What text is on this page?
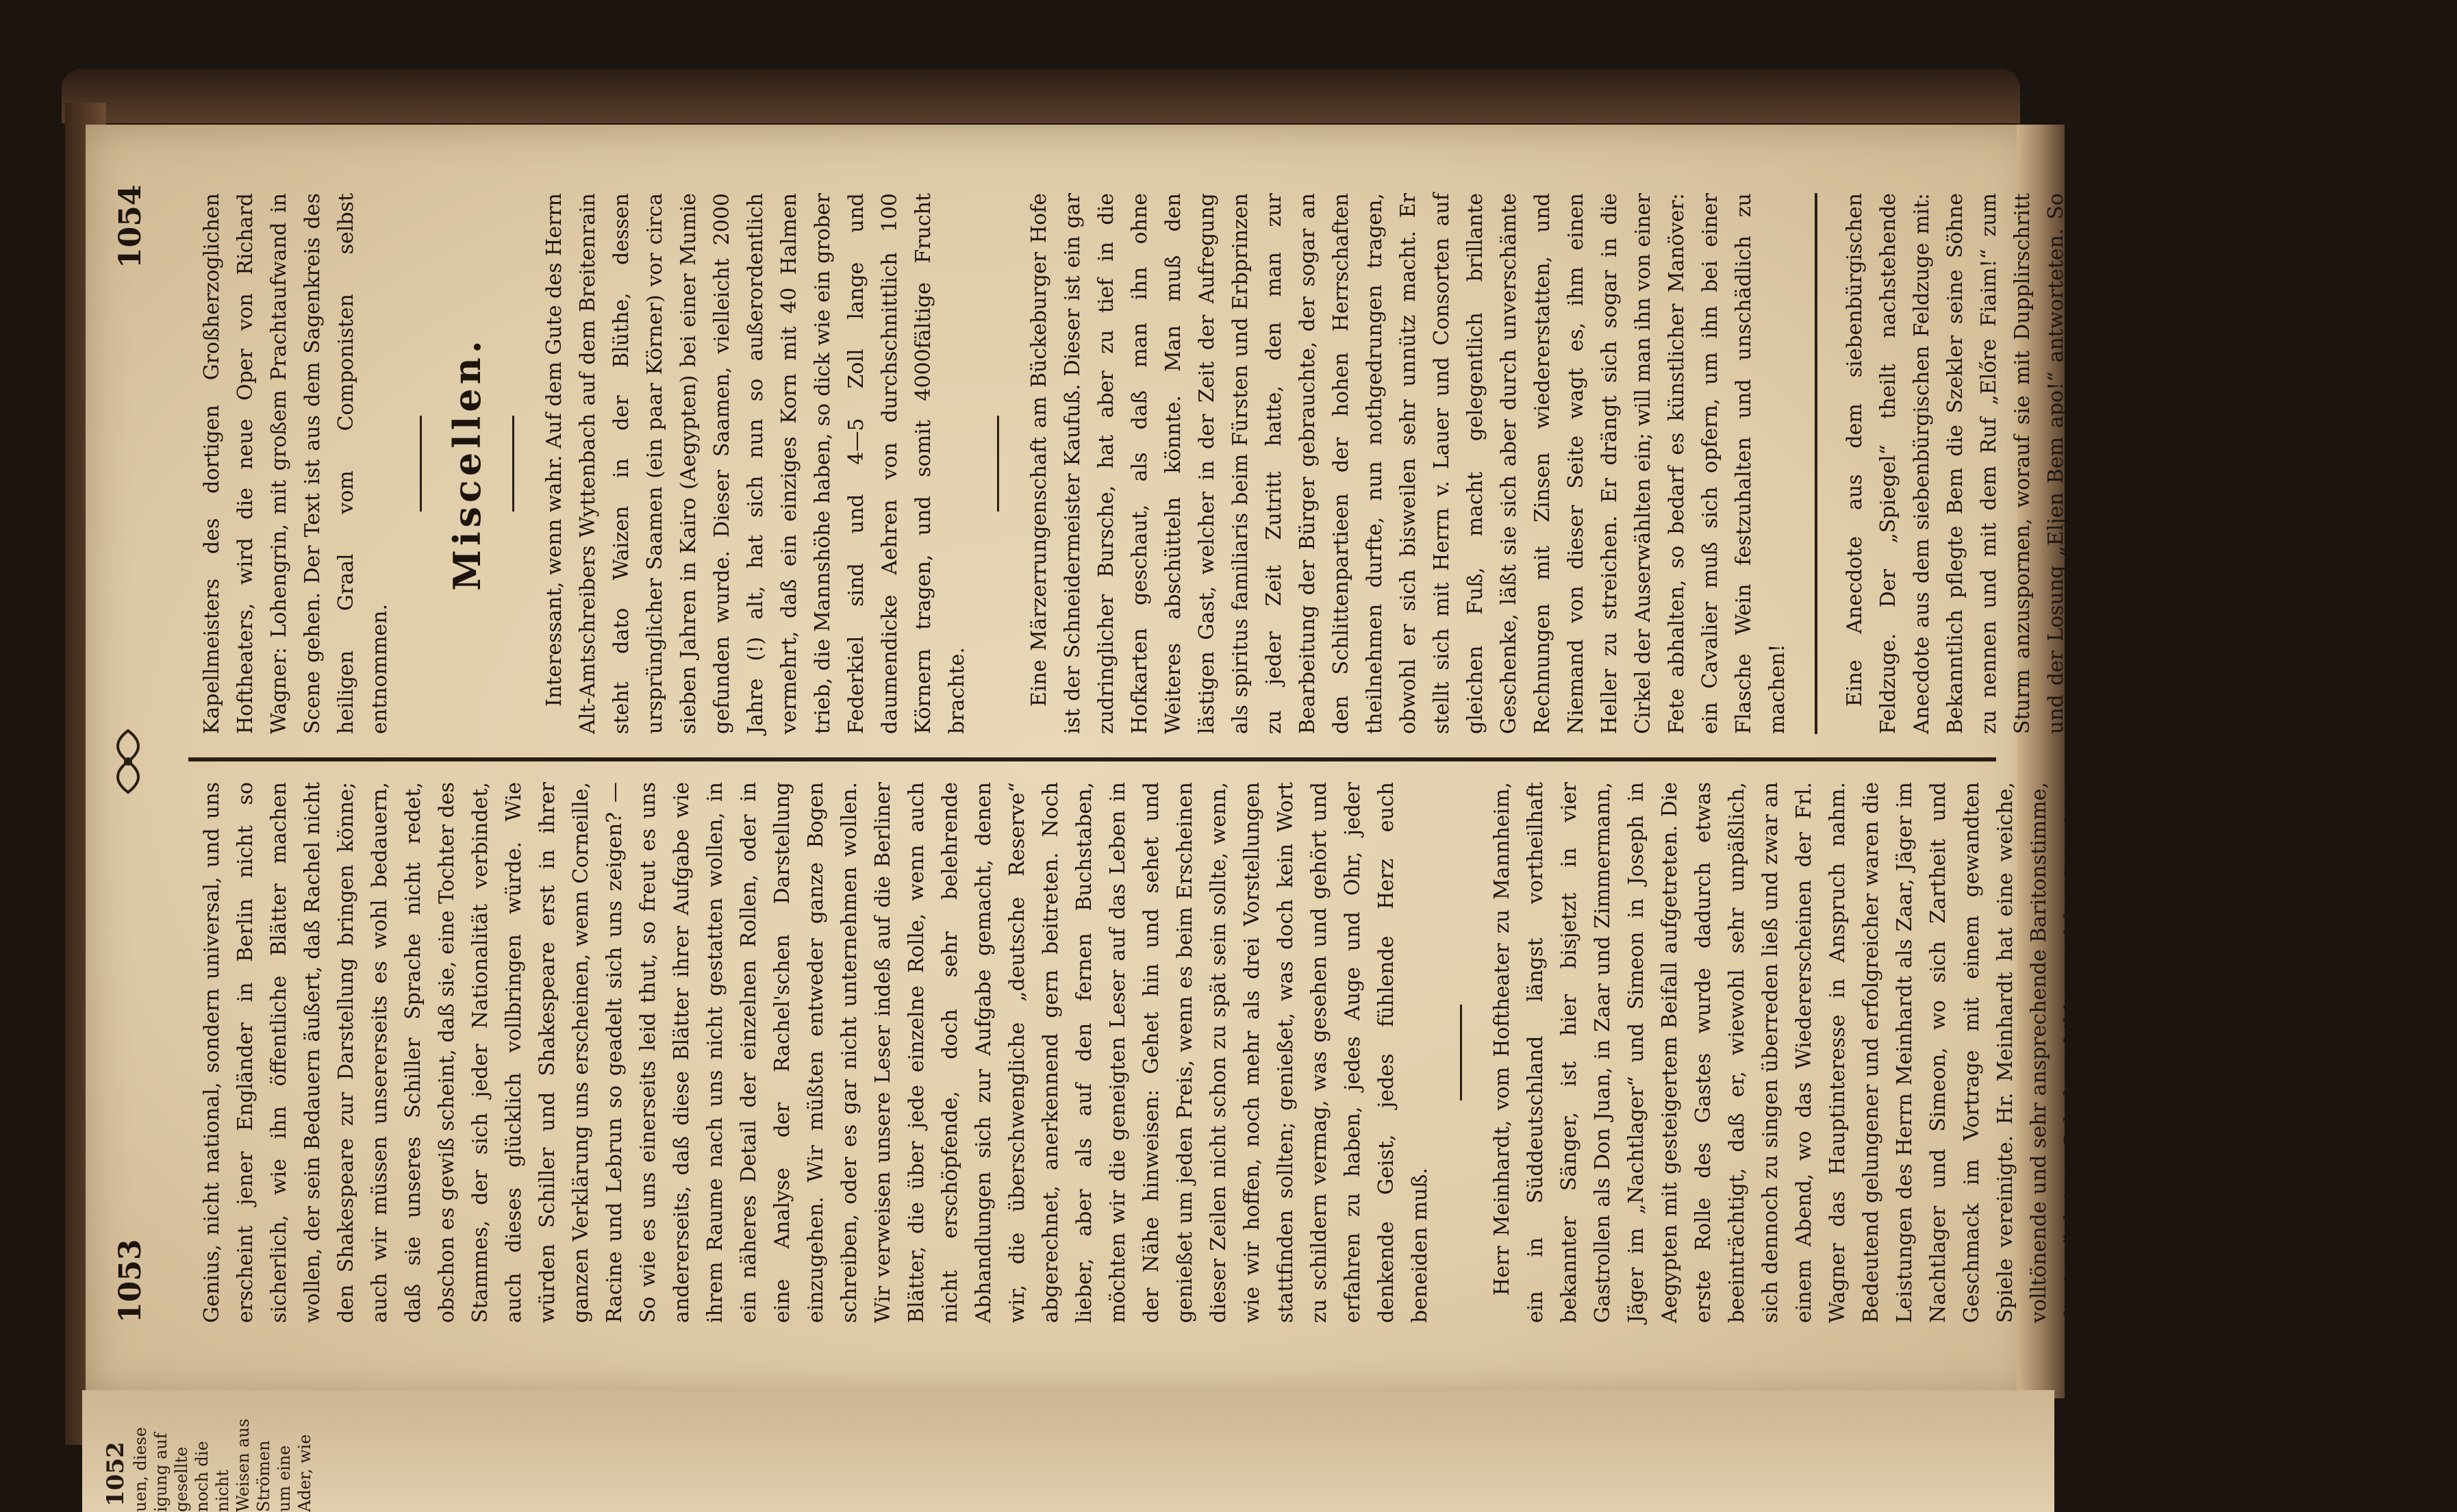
1053
1054

Genius, nicht national, sondern universal, und uns erscheint jener Engländer in Berlin nicht so sicherlich, wie ihn öffentliche Blätter machen wollen, der sein Bedauern äußert, daß Rachel nicht den Shakespeare zur Darstellung bringen könne; auch wir müssen unsererseits es wohl bedauern, daß sie unseres Schiller Sprache nicht redet, obschon es gewiß scheint, daß sie, eine Tochter des Stammes, der sich jeder Nationalität verbindet, auch dieses glücklich vollbringen würde. Wie würden Schiller und Shakespeare erst in ihrer ganzen Verklärung uns erscheinen, wenn Corneille, Racine und Lebrun so geadelt sich uns zeigen? — So wie es uns einerseits leid thut, so freut es uns andererseits, daß diese Blätter ihrer Aufgabe wie ihrem Raume nach uns nicht gestatten wollen, in ein näheres Detail der einzelnen Rollen, oder in eine Analyse der Rachel'schen Darstellung einzugehen. Wir müßten entweder ganze Bogen schreiben, oder es gar nicht unternehmen wollen. Wir verweisen unsere Leser indeß auf die Berliner Blätter, die über jede einzelne Rolle, wenn auch nicht erschöpfende, doch sehr belehrende Abhandlungen sich zur Aufgabe gemacht, denen wir, die überschwengliche „deutsche Reserve“ abgerechnet, anerkennend gern beitreten. Noch lieber, aber als auf den fernen Buchstaben, möchten wir die geneigten Leser auf das Leben in der Nähe hinweisen: Gehet hin und sehet und genießet um jeden Preis, wenn es beim Erscheinen dieser Zeilen nicht schon zu spät sein sollte, wenn, wie wir hoffen, noch mehr als drei Vorstellungen stattfinden sollten; genießet, was doch kein Wort zu schildern vermag, was gesehen und gehört und erfahren zu haben, jedes Auge und Ohr, jeder denkende Geist, jedes fühlende Herz euch beneiden muß.	Herr Meinhardt, vom Hoftheater zu Mannheim, ein in Süddeutschland längst vortheilhaft bekannter Sänger, ist hier bisjetzt in vier Gastrollen als Don Juan, in Zaar und Zimmermann, Jäger im „Nachtlager“ und Simeon in Joseph in Aegypten mit gesteigertem Beifall aufgetreten. Die erste Rolle des Gastes wurde dadurch etwas beeinträchtigt, daß er, wiewohl sehr unpäßlich, sich dennoch zu singen überreden ließ und zwar an einem Abend, wo das Wiedererscheinen der Frl. Wagner das Hauptinteresse in Anspruch nahm. Bedeutend gelungener und erfolgreicher waren die Leistungen des Herrn Meinhardt als Zaar, Jäger im Nachtlager und Simeon, wo sich Zartheit und Geschmack im Vortrage mit einem gewandten Spiele vereinigte. Hr. Meinhardt hat eine weiche, volltönende und sehr ansprechende Baritonstimme, die in tüchtiger Schule gebildet, und hat in seiner Gesangmethode einen bedeutenden Vorzug, er schreit niemals, sondern benutzt seine Mittel mit besonnener Mäßigung. Dem Vernehmen nach ist Herr Meinhardt bestimmt, den abgegangenen Herrn Karl Becker zu ersetzen. Richard Wagners Lohengrin. Den 28. nächsten Monats findet in Weimar eine großartige Feier zur Erinnerung des Geburtstages Wolfgang von Göthe's statt. Unter Leitung Franz Liszt's,

Kapellmeisters des dortigen Großherzoglichen Hoftheaters, wird die neue Oper von Richard Wagner: Lohengrin, mit großem Prachtaufwand in Scene gehen. Der Text ist aus dem Sagenkreis des heiligen Graal vom Componisten selbst entnommen.

Miscellen.	Interessant, wenn wahr. Auf dem Gute des Herrn Alt-Amtschreibers Wyttenbach auf dem Breitenrain steht dato Waizen in der Blüthe, dessen ursprünglicher Saamen (ein paar Körner) vor circa sieben Jahren in Kairo (Aegypten) bei einer Mumie gefunden wurde. Dieser Saamen, vielleicht 2000 Jahre (!) alt, hat sich nun so außerordentlich vermehrt, daß ein einziges Korn mit 40 Halmen trieb, die Mannshöhe haben, so dick wie ein grober Federkiel sind und 4—5 Zoll lange und daumendicke Aehren von durchschnittlich 100 Körnern tragen, und somit 4000fältige Frucht brachte.	Eine Märzerrungenschaft am Bückeburger Hofe ist der Schneidermeister Kaufuß. Dieser ist ein gar zudringlicher Bursche, hat aber zu tief in die Hofkarten geschaut, als daß man ihn ohne Weiteres abschütteln könnte. Man muß den lästigen Gast, welcher in der Zeit der Aufregung als spiritus familiaris beim Fürsten und Erbprinzen zu jeder Zeit Zutritt hatte, den man zur Bearbeitung der Bürger gebrauchte, der sogar an den Schlittenpartieen der hohen Herrschaften theilnehmen durfte, nun nothgedrungen tragen, obwohl er sich bisweilen sehr unnütz macht. Er stellt sich mit Herrn v. Lauer und Consorten auf gleichen Fuß, macht gelegentlich brillante Geschenke, läßt sie sich aber durch unverschämte Rechnungen mit Zinsen wiedererstatten, und Niemand von dieser Seite wagt es, ihm einen Heller zu streichen. Er drängt sich sogar in die Cirkel der Auserwählten ein; will man ihn von einer Fete abhalten, so bedarf es künstlicher Manöver: ein Cavalier muß sich opfern, um ihn bei einer Flasche Wein festzuhalten und unschädlich zu machen!	Eine Anecdote aus dem siebenbürgischen Feldzuge. Der „Spiegel“ theilt nachstehende Anecdote aus dem siebenbürgischen Feldzuge mit: Bekanntlich pflegte Bem die Szekler seine Söhne zu nennen und mit dem Ruf „Előre Fiaim!“ zum Sturm anzuspornen, worauf sie mit Dupplirschritt und der Losung „Eljen Bem apo!“ antworteten. So entstand außer Dienst eine gewisse Vertraulichkeit; als nun bei Szaczka der Regen in Strömen fiel und alle Szekler durchnäßte, kam ein Szekler herbei und putzte bei dem Scheine derselben mit einem Zipfel von Bem's bekanntem, alle Feldzüge überdauernden Honvédmantel sein Gewehrschloß. Dies gefiel dem alten Polen so, daß er dem Szekler eine Banknote von fünf Gulden schenkte. Dies Douceur wäre ihm jedoch bald theuer zu stehen gekommen, denn es schlich sich nun Szekle

1052 uen, diese igung auf gesellte noch die nicht Weisen aus Strömen um eine Ader, wie
